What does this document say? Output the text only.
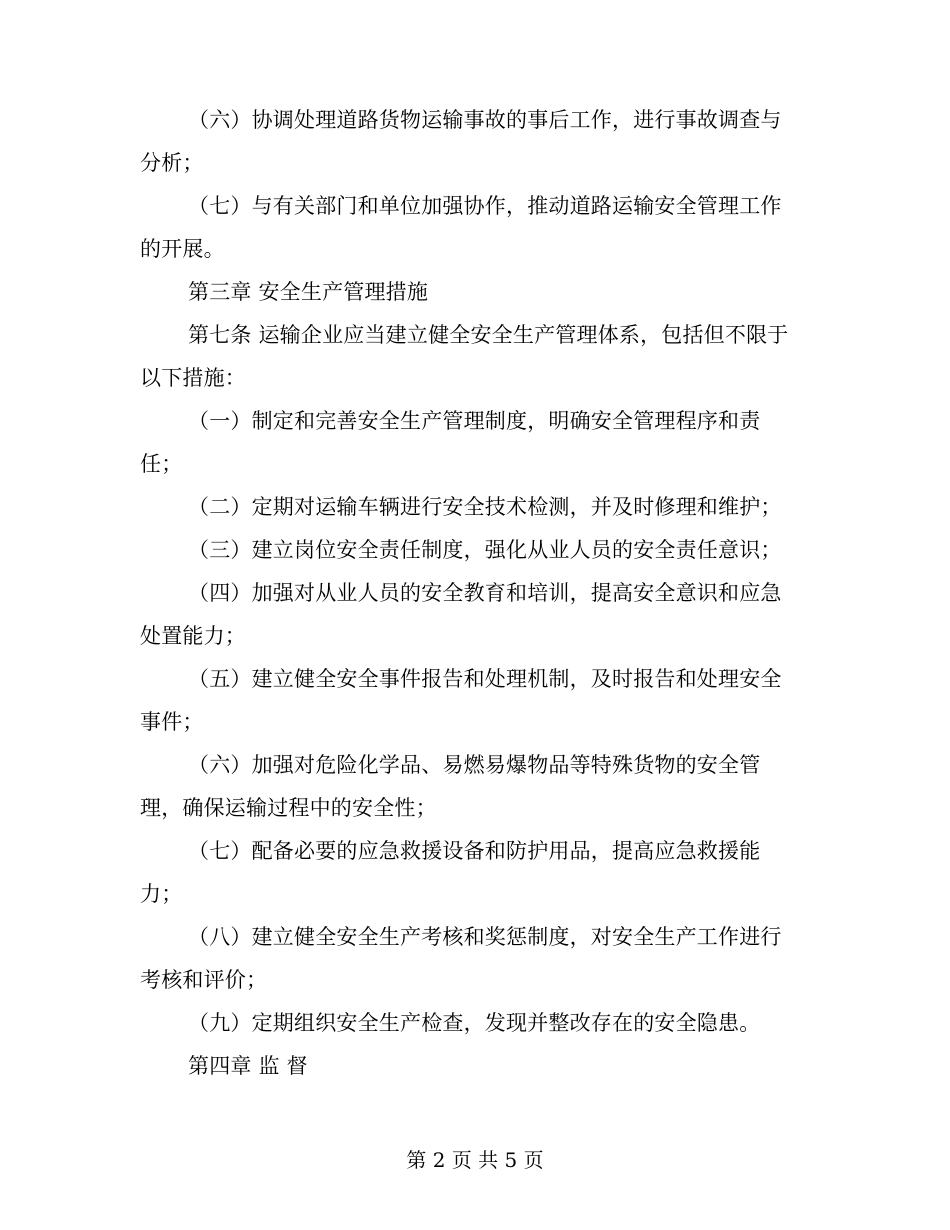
（六）协调处理道路货物运输事故的事后工作，进行事故调查与
分析；
（七）与有关部门和单位加强协作，推动道路运输安全管理工作
的开展。
第三章 安全生产管理措施
第七条 运输企业应当建立健全安全生产管理体系，包括但不限于
以下措施：
（一）制定和完善安全生产管理制度，明确安全管理程序和责
任；
（二）定期对运输车辆进行安全技术检测，并及时修理和维护；
（三）建立岗位安全责任制度，强化从业人员的安全责任意识；
（四）加强对从业人员的安全教育和培训，提高安全意识和应急
处置能力；
（五）建立健全安全事件报告和处理机制，及时报告和处理安全
事件；
（六）加强对危险化学品、易燃易爆物品等特殊货物的安全管
理，确保运输过程中的安全性；
（七）配备必要的应急救援设备和防护用品，提高应急救援能
力；
（八）建立健全安全生产考核和奖惩制度，对安全生产工作进行
考核和评价；
（九）定期组织安全生产检查，发现并整改存在的安全隐患。
第四章 监 督
第 2 页 共 5 页
